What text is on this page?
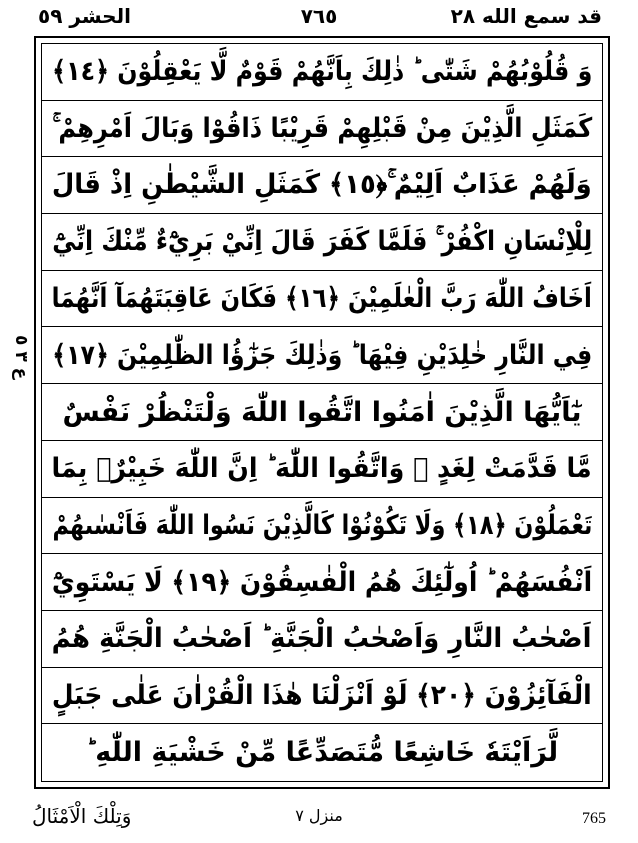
الحشر ٥٩	٧٦٥	قد سمع الله ٢٨
ع ٣ ٥
وَ قُلُوْبُهُمْ شَتّٰى ؕ ذٰلِكَ بِاَنَّهُمْ قَوْمٌ لَّا يَعْقِلُوْنَ ﴿١٤﴾
كَمَثَلِ الَّذِيْنَ مِنْ قَبْلِهِمْ قَرِيْبًا ذَاقُوْا وَبَالَ اَمْرِهِمْ ۚ
وَلَهُمْ عَذَابٌ اَلِيْمٌ ۚ﴿١٥﴾ كَمَثَلِ الشَّيْطٰنِ اِذْ قَالَ
لِلْاِنْسَانِ اكْفُرْ ۚ فَلَمَّا كَفَرَ قَالَ اِنِّيْ بَرِيْٓءٌ مِّنْكَ اِنِّيْٓ
اَخَافُ اللّٰهَ رَبَّ الْعٰلَمِيْنَ ﴿١٦﴾ فَكَانَ عَاقِبَتَهُمَآ اَنَّهُمَا
فِي النَّارِ خٰلِدَيْنِ فِيْهَا ؕ وَذٰلِكَ جَزٰٓؤُا الظّٰلِمِيْنَ ﴿١٧﴾
يٰٓاَيُّهَا الَّذِيْنَ اٰمَنُوا اتَّقُوا اللّٰهَ وَلْتَنْظُرْ نَفْسٌ
مَّا قَدَّمَتْ لِغَدٍ ۚ وَاتَّقُوا اللّٰهَ ؕ اِنَّ اللّٰهَ خَبِيْرٌۢ بِمَا
تَعْمَلُوْنَ ﴿١٨﴾ وَلَا تَكُوْنُوْا كَالَّذِيْنَ نَسُوا اللّٰهَ فَاَنْسٰىهُمْ
اَنْفُسَهُمْ ؕ اُولٰٓئِكَ هُمُ الْفٰسِقُوْنَ ﴿١٩﴾ لَا يَسْتَوِيْٓ
اَصْحٰبُ النَّارِ وَاَصْحٰبُ الْجَنَّةِ ؕ اَصْحٰبُ الْجَنَّةِ هُمُ
الْفَآئِزُوْنَ ﴿٢٠﴾ لَوْ اَنْزَلْنَا هٰذَا الْقُرْاٰنَ عَلٰى جَبَلٍ
لَّرَاَيْتَهٗ خَاشِعًا مُّتَصَدِّعًا مِّنْ خَشْيَةِ اللّٰهِ ؕ
وَتِلْكَ الْاَمْثَالُ	منزل ٧	765
